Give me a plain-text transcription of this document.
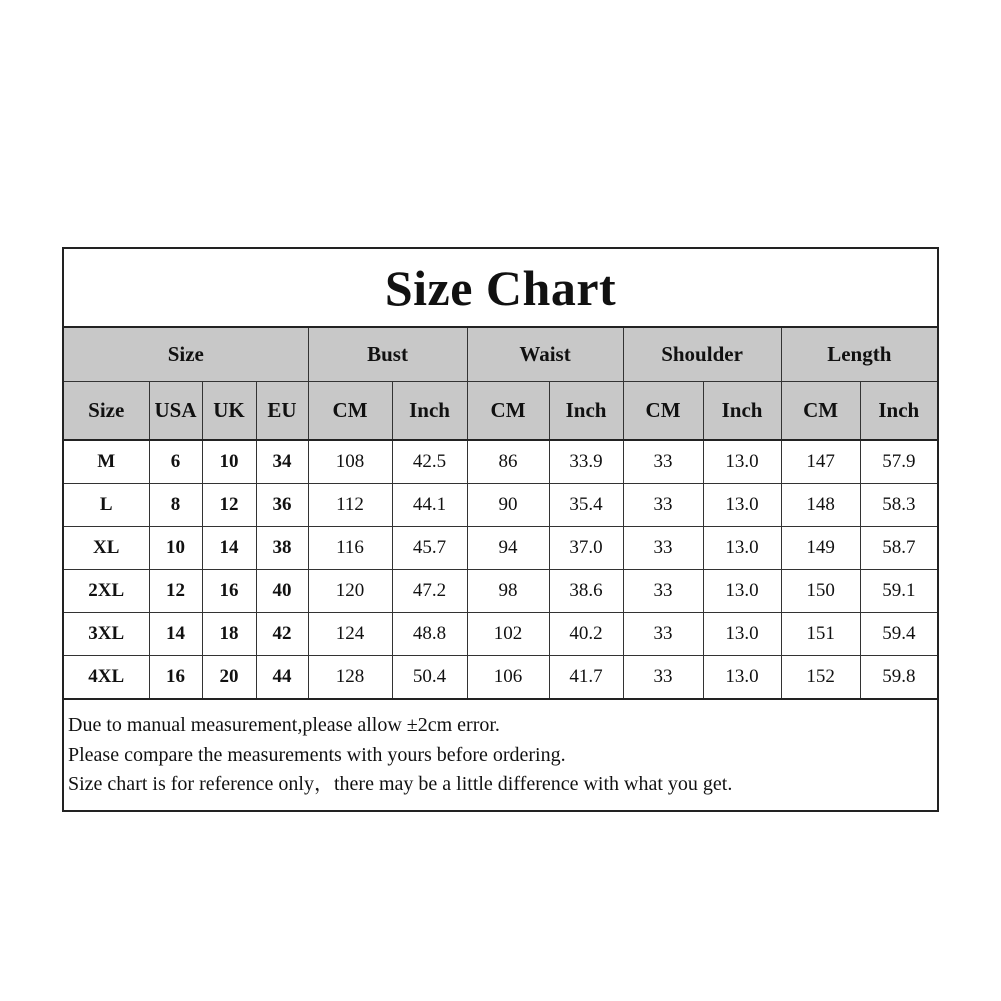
Size Chart
Size				Bust		Waist		Shoulder		Length	
Size	USA	UK	EU	CM	Inch	CM	Inch	CM	Inch	CM	Inch
M	6	10	34	108	42.5	86	33.9	33	13.0	147	57.9
L	8	12	36	112	44.1	90	35.4	33	13.0	148	58.3
XL	10	14	38	116	45.7	94	37.0	33	13.0	149	58.7
2XL	12	16	40	120	47.2	98	38.6	33	13.0	150	59.1
3XL	14	18	42	124	48.8	102	40.2	33	13.0	151	59.4
4XL	16	20	44	128	50.4	106	41.7	33	13.0	152	59.8
Due to manual measurement,please allow ±2cm error.
Please compare the measurements with yours before ordering.
Size chart is for reference only，there may be a little difference with what you get.
